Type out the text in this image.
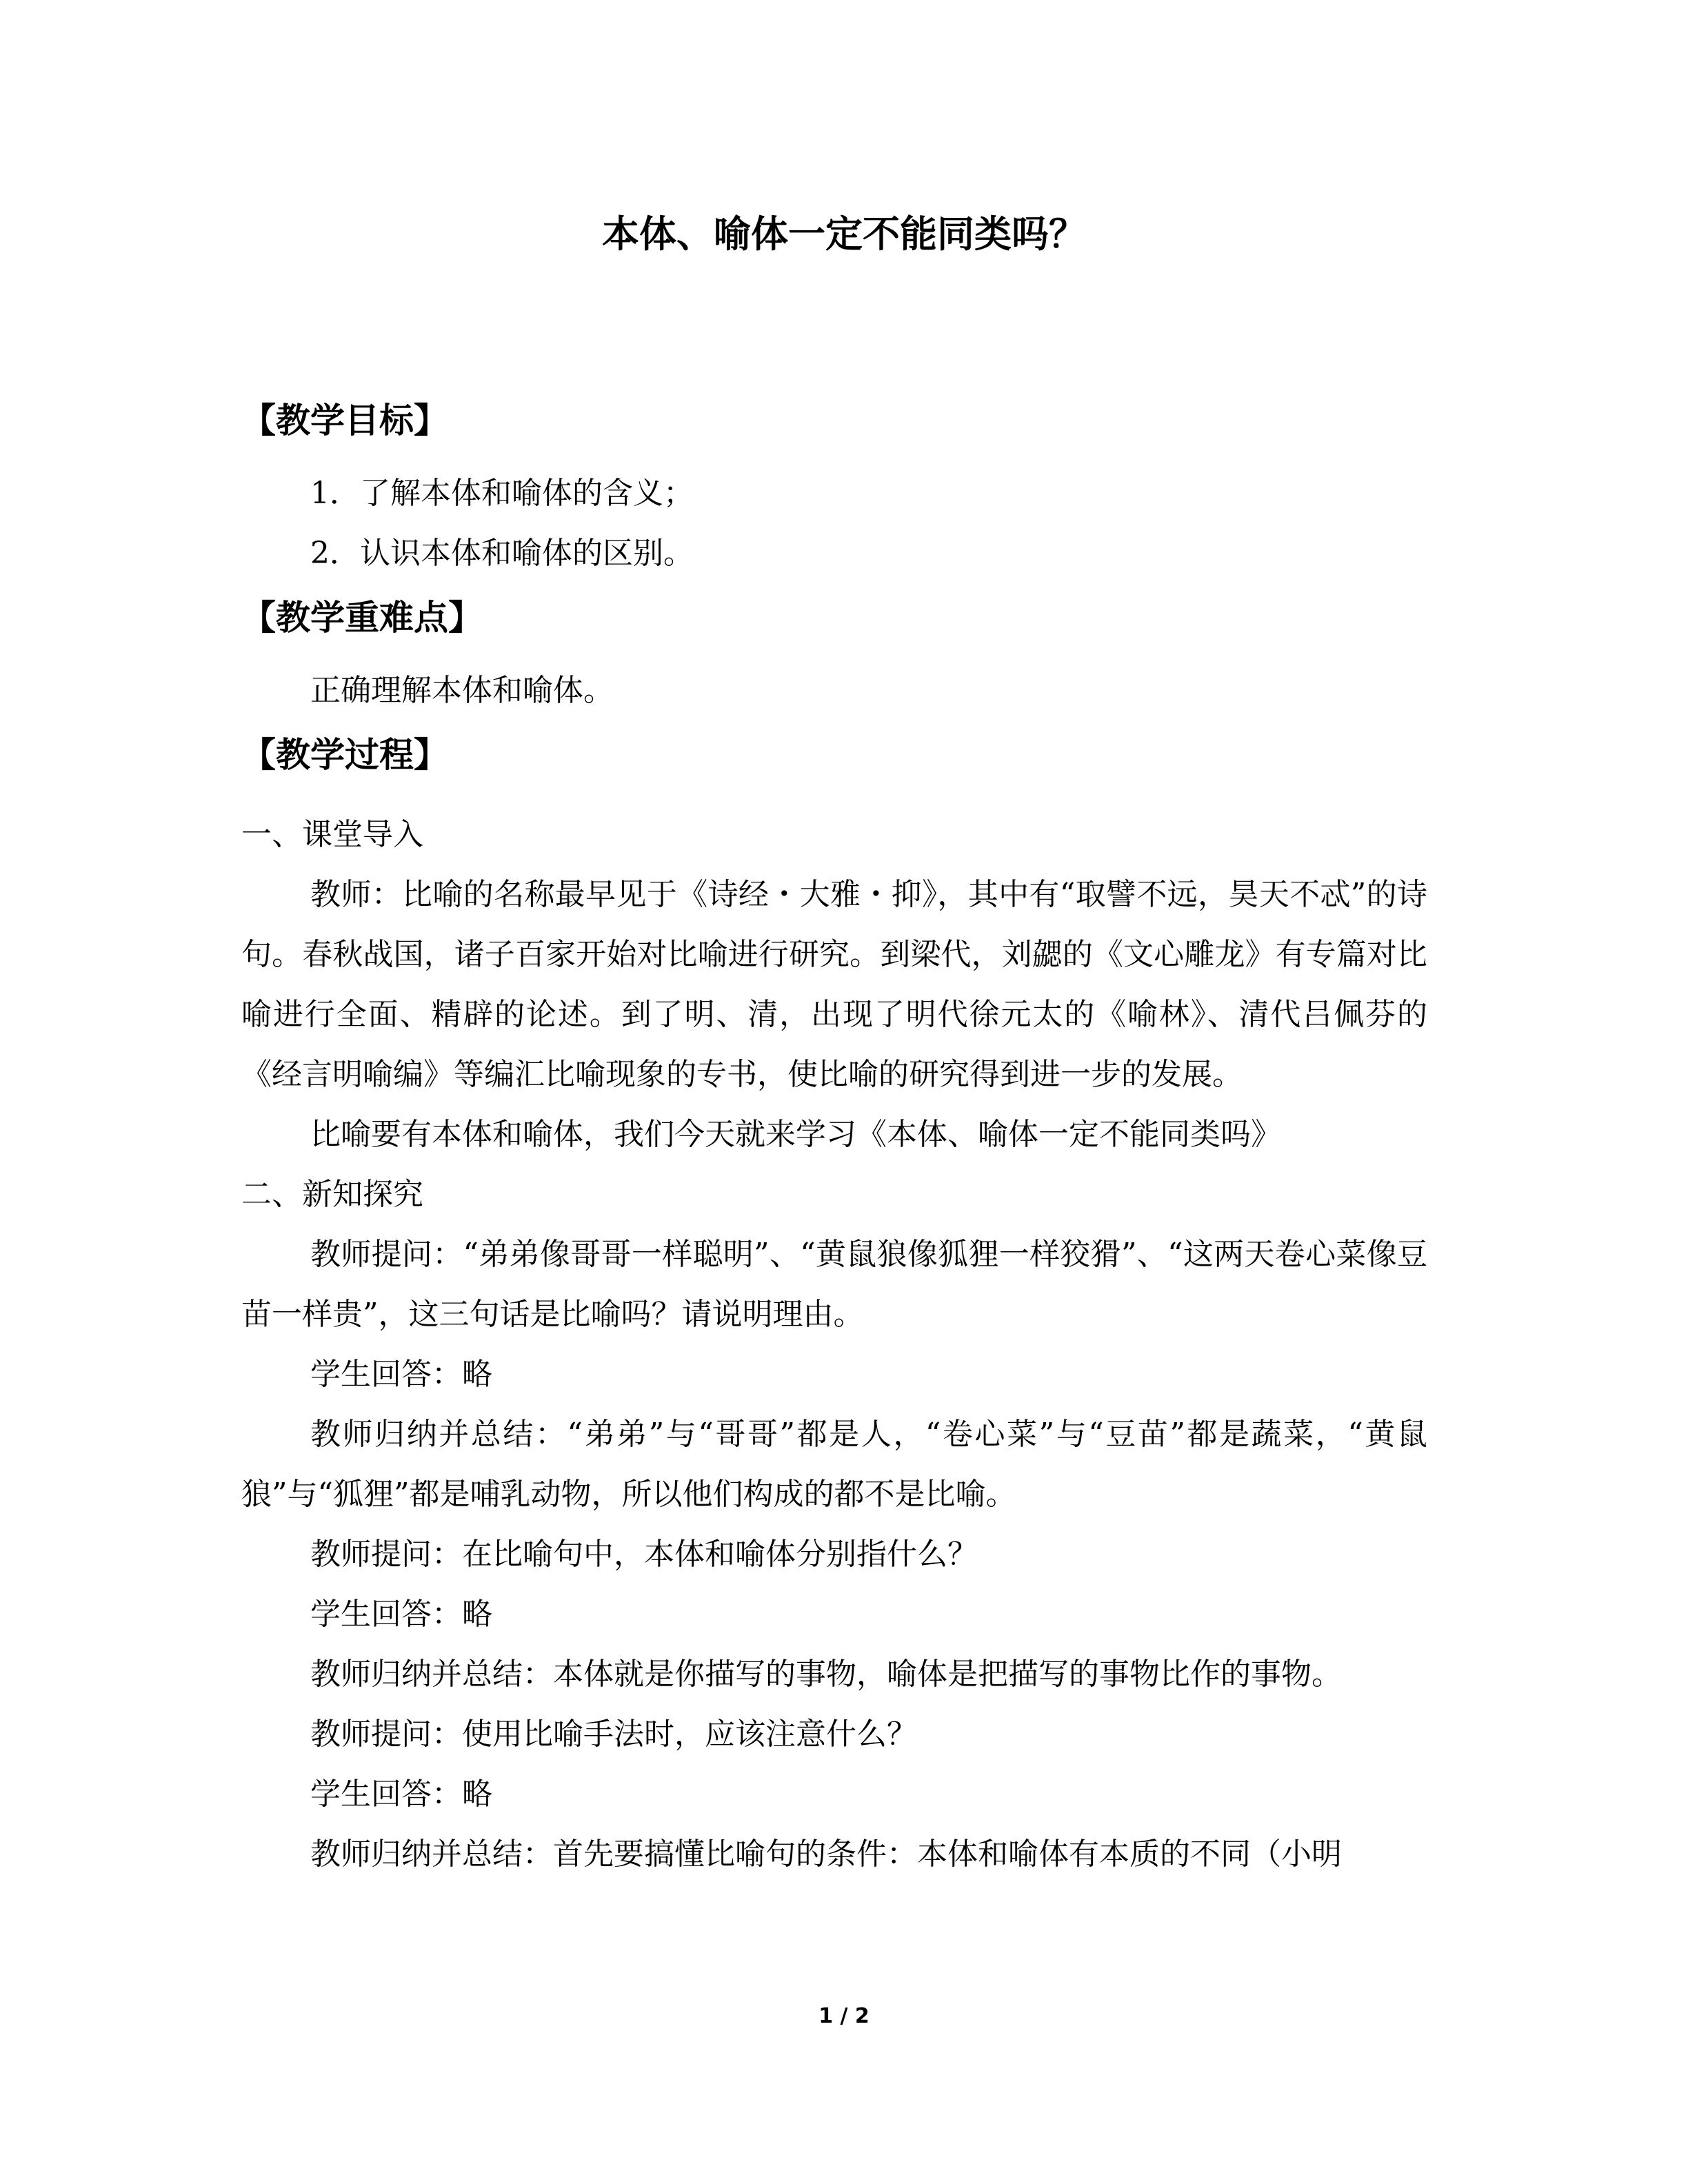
本体、喻体一定不能同类吗？
【教学目标】

1．了解本体和喻体的含义；

2．认识本体和喻体的区别。

【教学重难点】

正确理解本体和喻体。

【教学过程】

一、课堂导入

教师：比喻的名称最早见于《诗经・大雅・抑》，其中有“取譬不远，昊天不忒”的诗句。春秋战国，诸子百家开始对比喻进行研究。到梁代，刘勰的《文心雕龙》有专篇对比喻进行全面、精辟的论述。到了明、清，出现了明代徐元太的《喻林》、清代吕佩芬的《经言明喻编》等编汇比喻现象的专书，使比喻的研究得到进一步的发展。

比喻要有本体和喻体，我们今天就来学习《本体、喻体一定不能同类吗》

二、新知探究

教师提问：“弟弟像哥哥一样聪明”、“黄鼠狼像狐狸一样狡猾”、“这两天卷心菜像豆苗一样贵”，这三句话是比喻吗？请说明理由。

学生回答：略

教师归纳并总结：“弟弟”与“哥哥”都是人，“卷心菜”与“豆苗”都是蔬菜，“黄鼠狼”与“狐狸”都是哺乳动物，所以他们构成的都不是比喻。

教师提问：在比喻句中，本体和喻体分别指什么？

学生回答：略

教师归纳并总结：本体就是你描写的事物，喻体是把描写的事物比作的事物。

教师提问：使用比喻手法时，应该注意什么？

学生回答：略

教师归纳并总结：首先要搞懂比喻句的条件：本体和喻体有本质的不同（小明

1 / 2
